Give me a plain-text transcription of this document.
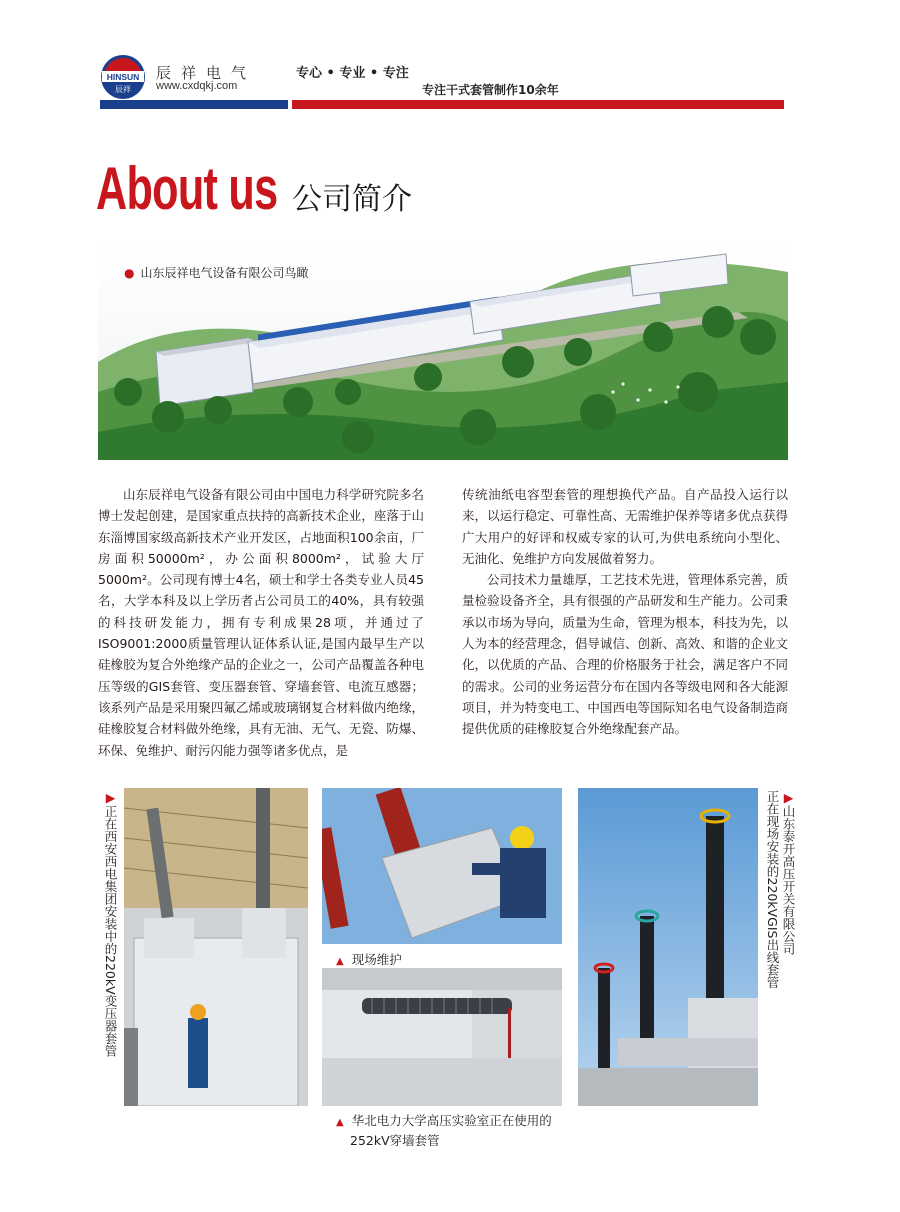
HINSUN
辰祥
辰祥电气
www.cxdqkj.com
专心 • 专业 • 专注
专注干式套管制作10余年
About us 公司简介
● 山东辰祥电气设备有限公司鸟瞰

山东辰祥电气设备有限公司由中国电力科学研究院多名博士发起创建，是国家重点扶持的高新技术企业，座落于山东淄博国家级高新技术产业开发区，占地面积100余亩，厂房面积50000m²，办公面积8000m²，试验大厅5000m²。公司现有博士4名，硕士和学士各类专业人员45名，大学本科及以上学历者占公司员工的40%，具有较强的科技研发能力，拥有专利成果28项，并通过了ISO9001:2000质量管理认证体系认证,是国内最早生产以硅橡胶为复合外绝缘产品的企业之一，公司产品覆盖各种电压等级的GIS套管、变压器套管、穿墙套管、电流互感器；该系列产品是采用聚四氟乙烯或玻璃钢复合材料做内绝缘，硅橡胶复合材料做外绝缘，具有无油、无气、无瓷、防爆、环保、免维护、耐污闪能力强等诸多优点，是

传统油纸电容型套管的理想换代产品。自产品投入运行以来，以运行稳定、可靠性高、无需维护保养等诸多优点获得广大用户的好评和权威专家的认可,为供电系统向小型化、无油化、免维护方向发展做着努力。

公司技术力量雄厚，工艺技术先进，管理体系完善，质量检验设备齐全，具有很强的产品研发和生产能力。公司秉承以市场为导向，质量为生命，管理为根本，科技为先，以人为本的经营理念，倡导诚信、创新、高效、和谐的企业文化，以优质的产品、合理的价格服务于社会，满足客户不同的需求。公司的业务运营分布在国内各等级电网和各大能源项目，并为特变电工、中国西电等国际知名电气设备制造商提供优质的硅橡胶复合外绝缘配套产品。

▶正在西安西电集团安装中的220kV变压器套管	▲ 现场维护
▲ 华北电力大学高压实验室正在使用的
252kV穿墙套管
▶山东泰开高压开关有限公司
正在现场安装的220kVGIS出线套管
